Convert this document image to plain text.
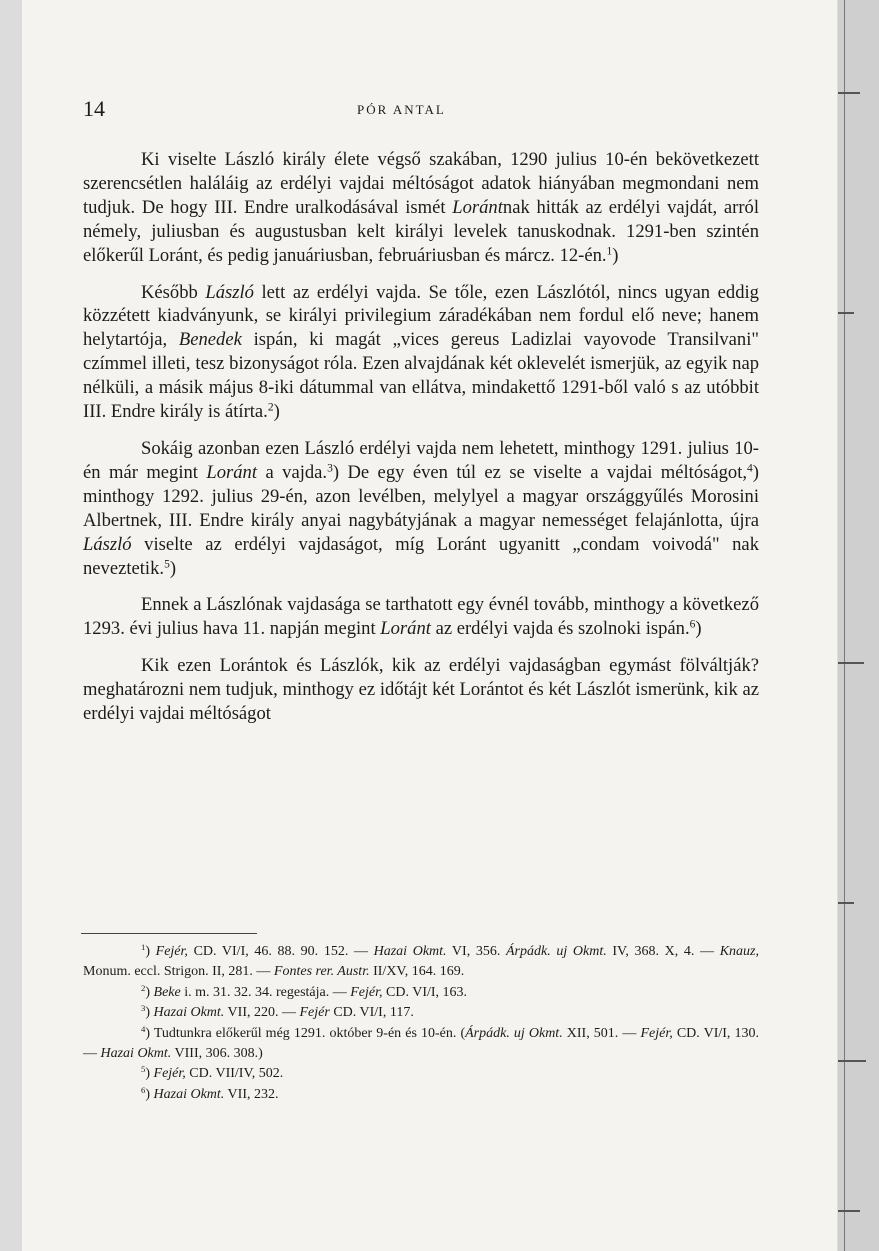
14	PÓR ANTAL

Ki viselte László király élete végső szakában, 1290 julius 10-én bekövetkezett szerencsétlen haláláig az erdélyi vajdai méltóságot adatok hiányában megmondani nem tudjuk. De hogy III. Endre uralkodásával ismét Lorántnak hitták az erdélyi vajdát, arról némely, juliusban és augustusban kelt királyi levelek tanuskodnak. 1291-ben szintén előkerűl Loránt, és pedig januáriusban, februáriusban és márcz. 12-én.$^1$)

Később László lett az erdélyi vajda. Se tőle, ezen Lászlótól, nincs ugyan eddig közzétett kiadványunk, se királyi privilegium záradékában nem fordul elő neve; hanem helytartója, Benedek ispán, ki magát „vices gereus Ladizlai vayovode Transilvani" czímmel illeti, tesz bizonyságot róla. Ezen alvajdának két oklevelét ismerjük, az egyik nap nélküli, a másik május 8-iki dátummal van ellátva, mindakettő 1291-ből való s az utóbbit III. Endre király is átírta.$^2$)

Sokáig azonban ezen László erdélyi vajda nem lehetett, minthogy 1291. julius 10-én már megint Loránt a vajda.$^3$) De egy éven túl ez se viselte a vajdai méltóságot,$^4$) minthogy 1292. julius 29-én, azon levélben, melylyel a magyar országgyűlés Morosini Albertnek, III. Endre király anyai nagybátyjának a magyar nemességet felajánlotta, újra László viselte az erdélyi vajdaságot, míg Loránt ugyanitt „condam voivodá" nak neveztetik.$^5$)

Ennek a Lászlónak vajdasága se tarthatott egy évnél tovább, minthogy a következő 1293. évi julius hava 11. napján megint Loránt az erdélyi vajda és szolnoki ispán.$^6$)

Kik ezen Lorántok és Lászlók, kik az erdélyi vajdaságban egymást fölváltják? meghatározni nem tudjuk, minthogy ez időtájt két Lorántot és két Lászlót ismerünk, kik az erdélyi vajdai méltóságot

$^1$) Fejér, CD. VI/I, 46. 88. 90. 152. — Hazai Okmt. VI, 356. Árpádk. uj Okmt. IV, 368. X, 4. — Knauz, Monum. eccl. Strigon. II, 281. — Fontes rer. Austr. II/XV, 164. 169.

$^2$) Beke i. m. 31. 32. 34. regestája. — Fejér, CD. VI/I, 163.

$^3$) Hazai Okmt. VII, 220. — Fejér CD. VI/I, 117.

$^4$) Tudtunkra előkerűl még 1291. október 9-én és 10-én. (Árpádk. uj Okmt. XII, 501. — Fejér, CD. VI/I, 130. — Hazai Okmt. VIII, 306. 308.)

$^5$) Fejér, CD. VII/IV, 502.

$^6$) Hazai Okmt. VII, 232.
